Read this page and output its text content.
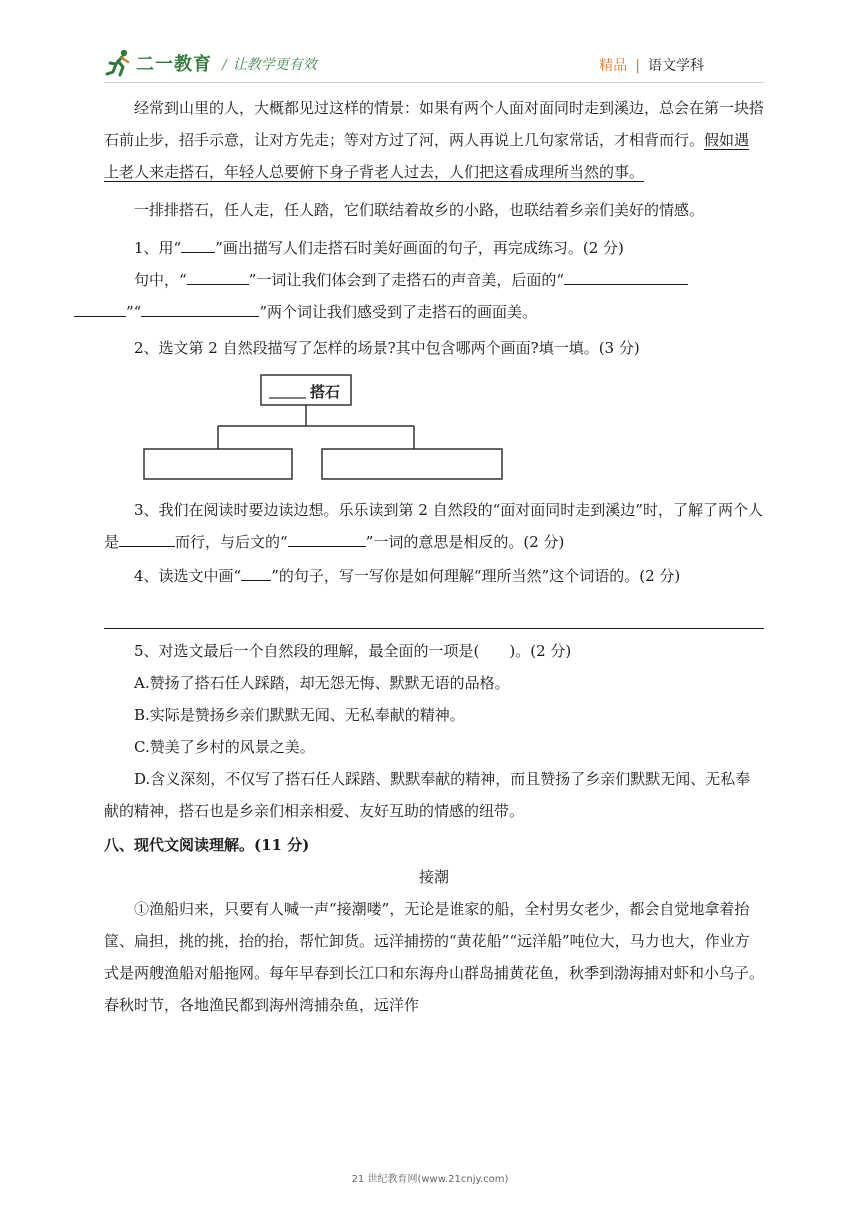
二一教育 / 让教学更有效	精品 | 语文学科

经常到山里的人，大概都见过这样的情景：如果有两个人面对面同时走到溪边，总会在第一块搭石前止步，招手示意，让对方先走；等对方过了河，两人再说上几句家常话，才相背而行。假如遇上老人来走搭石，年轻人总要俯下身子背老人过去，人们把这看成理所当然的事。

一排排搭石，任人走，任人踏，它们联结着故乡的小路，也联结着乡亲们美好的情感。

1、用“ ”画出描写人们走搭石时美好画面的句子，再完成练习。(2 分)

句中，“	”一词让我们体会到了走搭石的声音美，后面的“
”“	”两个词让我们感受到了走搭石的画面美。

2、选文第 2 自然段描写了怎样的场景?其中包含哪两个画面?填一填。(3 分)

搭石

3、我们在阅读时要边读边想。乐乐读到第 2 自然段的“面对面同时走到溪边”时，了解了两个人是	而行，与后文的“	”一词的意思是相反的。(2 分)

4、读选文中画“ ”的句子，写一写你是如何理解“理所当然”这个词语的。(2 分)

5、对选文最后一个自然段的理解，最全面的一项是(　　)。(2 分)

A.赞扬了搭石任人踩踏，却无怨无悔、默默无语的品格。

B.实际是赞扬乡亲们默默无闻、无私奉献的精神。

C.赞美了乡村的风景之美。

D.含义深刻，不仅写了搭石任人踩踏、默默奉献的精神，而且赞扬了乡亲们默默无闻、无私奉献的精神，搭石也是乡亲们相亲相爱、友好互助的情感的纽带。

八、现代文阅读理解。(11 分)

接潮

①渔船归来，只要有人喊一声“接潮喽”，无论是谁家的船，全村男女老少，都会自觉地拿着抬筐、扁担，挑的挑，抬的抬，帮忙卸货。远洋捕捞的“黄花船”“远洋船”吨位大，马力也大，作业方式是两艘渔船对船拖网。每年早春到长江口和东海舟山群岛捕黄花鱼，秋季到渤海捕对虾和小乌子。春秋时节，各地渔民都到海州湾捕杂鱼，远洋作

21 世纪教育网(www.21cnjy.com)
